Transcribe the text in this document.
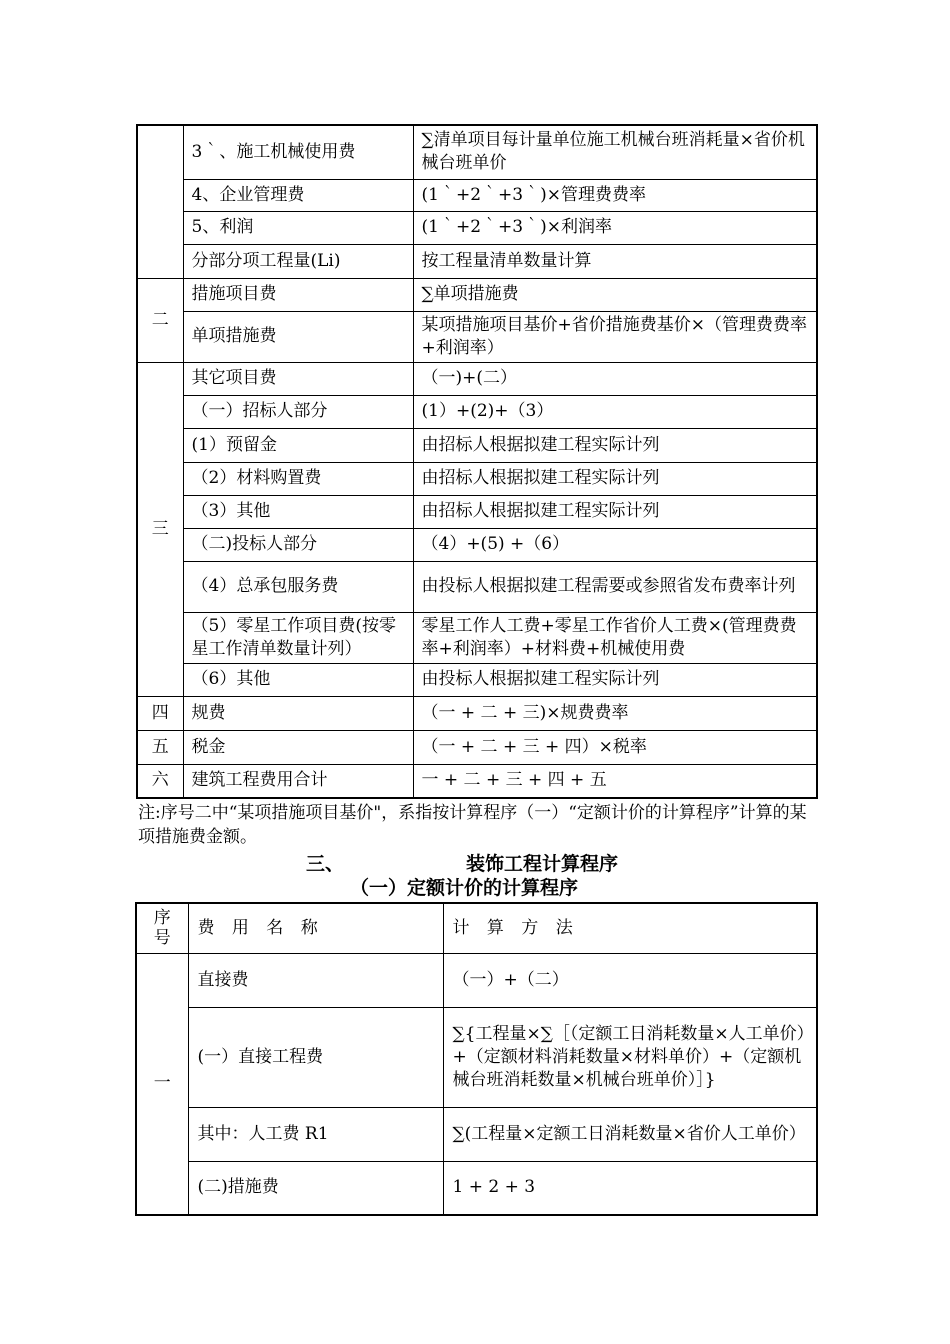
	3｀、施工机械使用费	∑清单项目每计量单位施工机械台班消耗量×省价机械台班单价
	4、企业管理费	(1｀+2｀+3｀)×管理费费率
	5、利润	(1｀+2｀+3｀)×利润率
	分部分项工程量(Li)	按工程量清单数量计算
二	措施项目费	∑单项措施费
	单项措施费	某项措施项目基价+省价措施费基价×（管理费费率+利润率）
三	其它项目费	（一)+(二）
	（一）招标人部分	(1）+(2)+（3）
	(1）预留金	由招标人根据拟建工程实际计列
	（2）材料购置费	由招标人根据拟建工程实际计列
	（3）其他	由招标人根据拟建工程实际计列
	（二)投标人部分	（4）+(5) +（6）
	（4）总承包服务费	由投标人根据拟建工程需要或参照省发布费率计列
	（5）零星工作项目费(按零星工作清单数量计列）	零星工作人工费+零星工作省价人工费×(管理费费率+利润率）+材料费+机械使用费
	（6）其他	由投标人根据拟建工程实际计列
四	规费	（一 + 二 + 三)×规费费率
五	税金	（一 + 二 + 三 + 四）×税率
六	建筑工程费用合计	一 + 二 + 三 + 四 + 五
注:序号二中“某项措施项目基价"，系指按计算程序（一）“定额计价的计算程序”计算的某项措施费金额。
三、	装饰工程计算程序
（一）定额计价的计算程序
序号	费 用 名 称	计 算 方 法
一	直接费	（一）+（二）
	(一）直接工程费	∑{工程量×∑［（定额工日消耗数量×人工单价）+（定额材料消耗数量×材料单价）+（定额机械台班消耗数量×机械台班单价）］}
	其中：人工费 R1	∑(工程量×定额工日消耗数量×省价人工单价）
	(二)措施费	1 + 2 + 3
